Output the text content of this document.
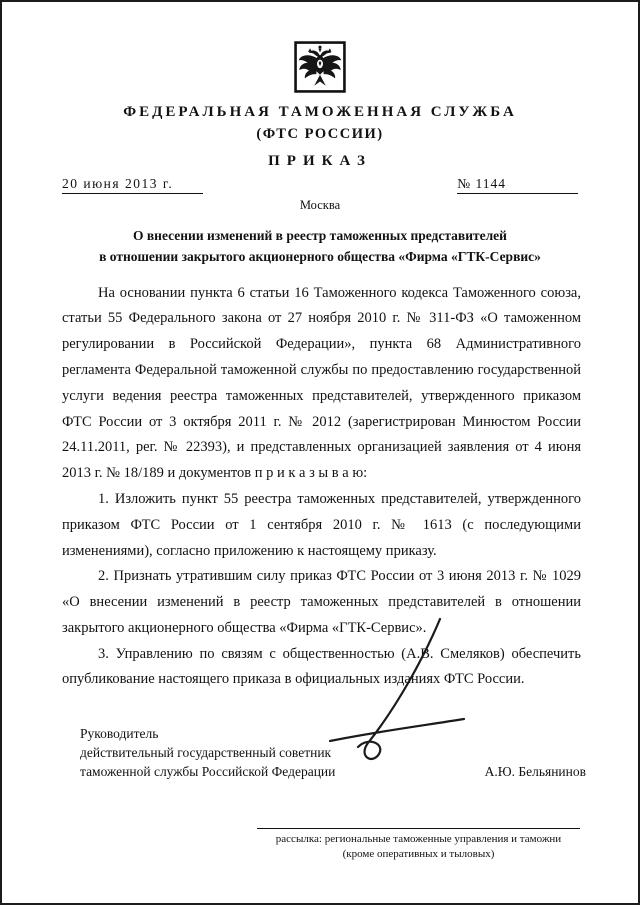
ФЕДЕРАЛЬНАЯ ТАМОЖЕННАЯ СЛУЖБА
(ФТС РОССИИ)
ПРИКАЗ
20 июня 2013 г.	№ 1144
Москва
О внесении изменений в реестр таможенных представителей
в отношении закрытого акционерного общества «Фирма «ГТК-Сервис»

На основании пункта 6 статьи 16 Таможенного кодекса Таможенного союза, статьи 55 Федерального закона от 27 ноября 2010 г. № 311-ФЗ «О таможенном регулировании в Российской Федерации», пункта 68 Административного регламента Федеральной таможенной службы по предоставлению государственной услуги ведения реестра таможенных представителей, утвержденного приказом ФТС России от 3 октября 2011 г. № 2012 (зарегистрирован Минюстом России 24.11.2011, рег. № 22393), и представленных организацией заявления от 4 июня 2013 г. № 18/189 и документов п р и к а з ы в а ю:

1. Изложить пункт 55 реестра таможенных представителей, утвержденного приказом ФТС России от 1 сентября 2010 г. № 1613 (с последующими изменениями), согласно приложению к настоящему приказу.

2. Признать утратившим силу приказ ФТС России от 3 июня 2013 г. № 1029 «О внесении изменений в реестр таможенных представителей в отношении закрытого акционерного общества «Фирма «ГТК-Сервис».

3. Управлению по связям с общественностью (А.В. Смеляков) обеспечить опубликование настоящего приказа в официальных изданиях ФТС России.

Руководитель
действительный государственный советник
таможенной службы Российской Федерации	А.Ю. Бельянинов
рассылка: региональные таможенные управления и таможни
(кроме оперативных и тыловых)
